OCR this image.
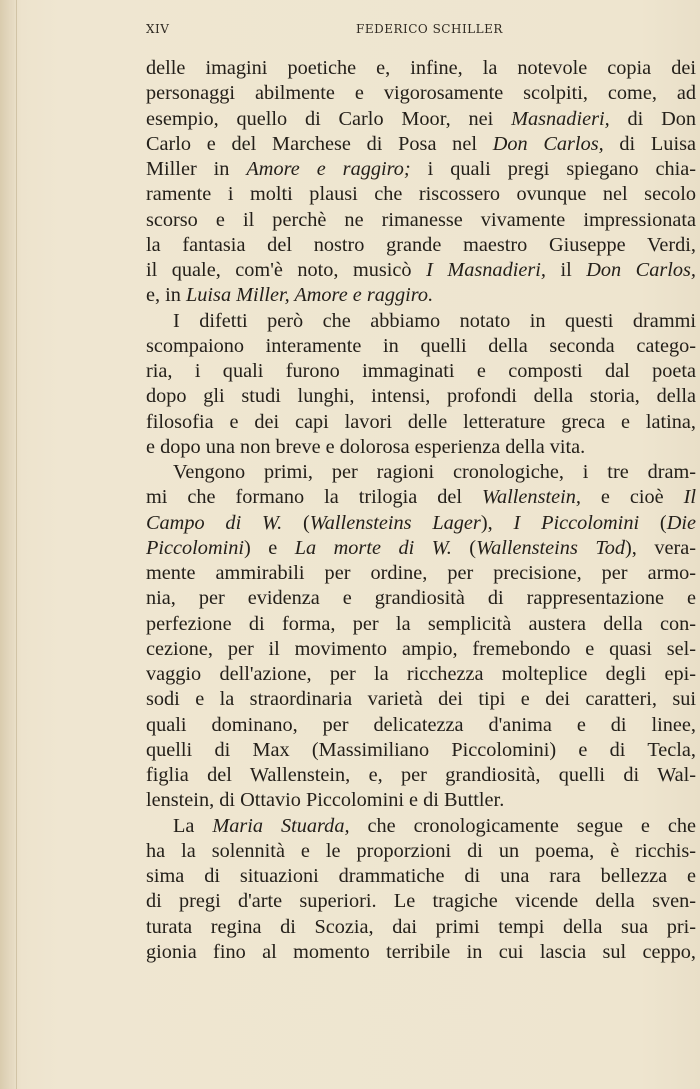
XIV	FEDERICO SCHILLER

delle imagini poetiche e, infine, la notevole copia dei

personaggi abilmente e vigorosamente scolpiti, come, ad

esempio, quello di Carlo Moor, nei Masnadieri, di Don

Carlo e del Marchese di Posa nel Don Carlos, di Luisa

Miller in Amore e raggiro; i quali pregi spiegano chia-

ramente i molti plausi che riscossero ovunque nel secolo

scorso e il perchè ne rimanesse vivamente impressionata

la fantasia del nostro grande maestro Giuseppe Verdi,

il quale, com'è noto, musicò I Masnadieri, il Don Carlos,

e, in Luisa Miller, Amore e raggiro.

I difetti però che abbiamo notato in questi drammi

scompaiono interamente in quelli della seconda catego-

ria, i quali furono immaginati e composti dal poeta

dopo gli studi lunghi, intensi, profondi della storia, della

filosofia e dei capi lavori delle letterature greca e latina,

e dopo una non breve e dolorosa esperienza della vita.

Vengono primi, per ragioni cronologiche, i tre dram-

mi che formano la trilogia del Wallenstein, e cioè Il

Campo di W. (Wallensteins Lager), I Piccolomini (Die

Piccolomini) e La morte di W. (Wallensteins Tod), vera-

mente ammirabili per ordine, per precisione, per armo-

nia, per evidenza e grandiosità di rappresentazione e

perfezione di forma, per la semplicità austera della con-

cezione, per il movimento ampio, fremebondo e quasi sel-

vaggio dell'azione, per la ricchezza molteplice degli epi-

sodi e la straordinaria varietà dei tipi e dei caratteri, sui

quali dominano, per delicatezza d'anima e di linee,

quelli di Max (Massimiliano Piccolomini) e di Tecla,

figlia del Wallenstein, e, per grandiosità, quelli di Wal-

lenstein, di Ottavio Piccolomini e di Buttler.

La Maria Stuarda, che cronologicamente segue e che

ha la solennità e le proporzioni di un poema, è ricchis-

sima di situazioni drammatiche di una rara bellezza e

di pregi d'arte superiori. Le tragiche vicende della sven-

turata regina di Scozia, dai primi tempi della sua pri-

gionia fino al momento terribile in cui lascia sul ceppo,
